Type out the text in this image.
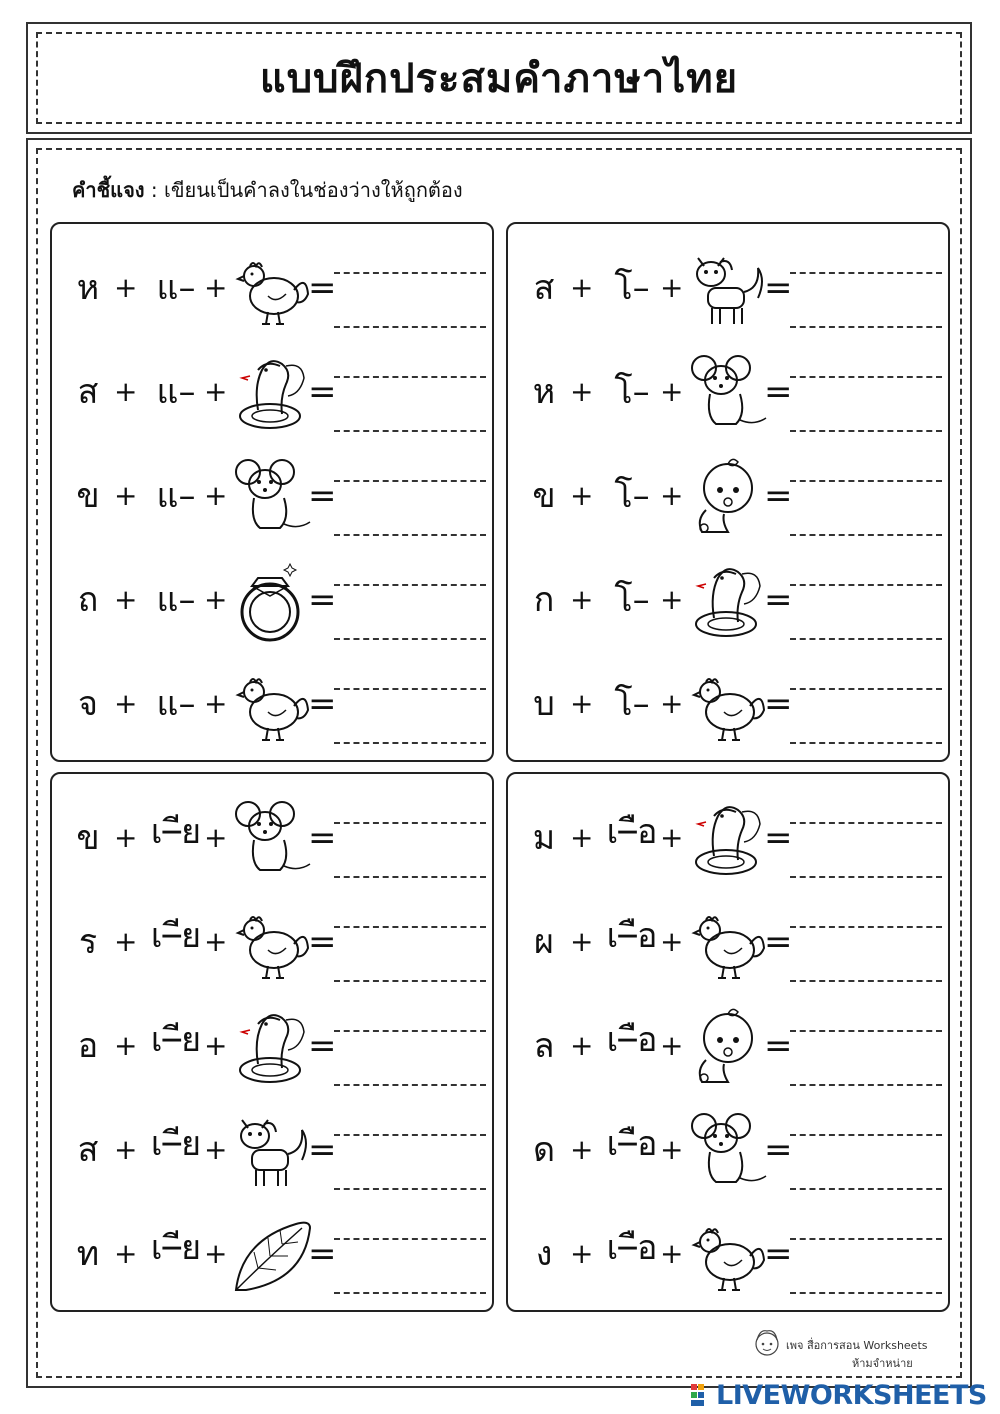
แบบฝึกประสมคำภาษาไทย
คำชี้แจง : เขียนเป็นคำลงในช่องว่างให้ถูกต้อง
ห + แ– + =
ส + แ– + =
ข + แ– + =
ถ + แ– + =
จ + แ– + =
ส + โ– + =
ห + โ– + =
ข + โ– + =
ก + โ– + =
บ + โ– + =
ข + เ–ีย + =
ร + เ–ีย + =
อ + เ–ีย + =
ส + เ–ีย + =
ท + เ–ีย + =
ม + เ–ือ + =
ผ + เ–ือ + =
ล + เ–ือ + =
ด + เ–ือ + =
ง + เ–ือ + =
เพจ สื่อการสอน Worksheets
ห้ามจำหน่าย
LIVEWORKSHEETS
